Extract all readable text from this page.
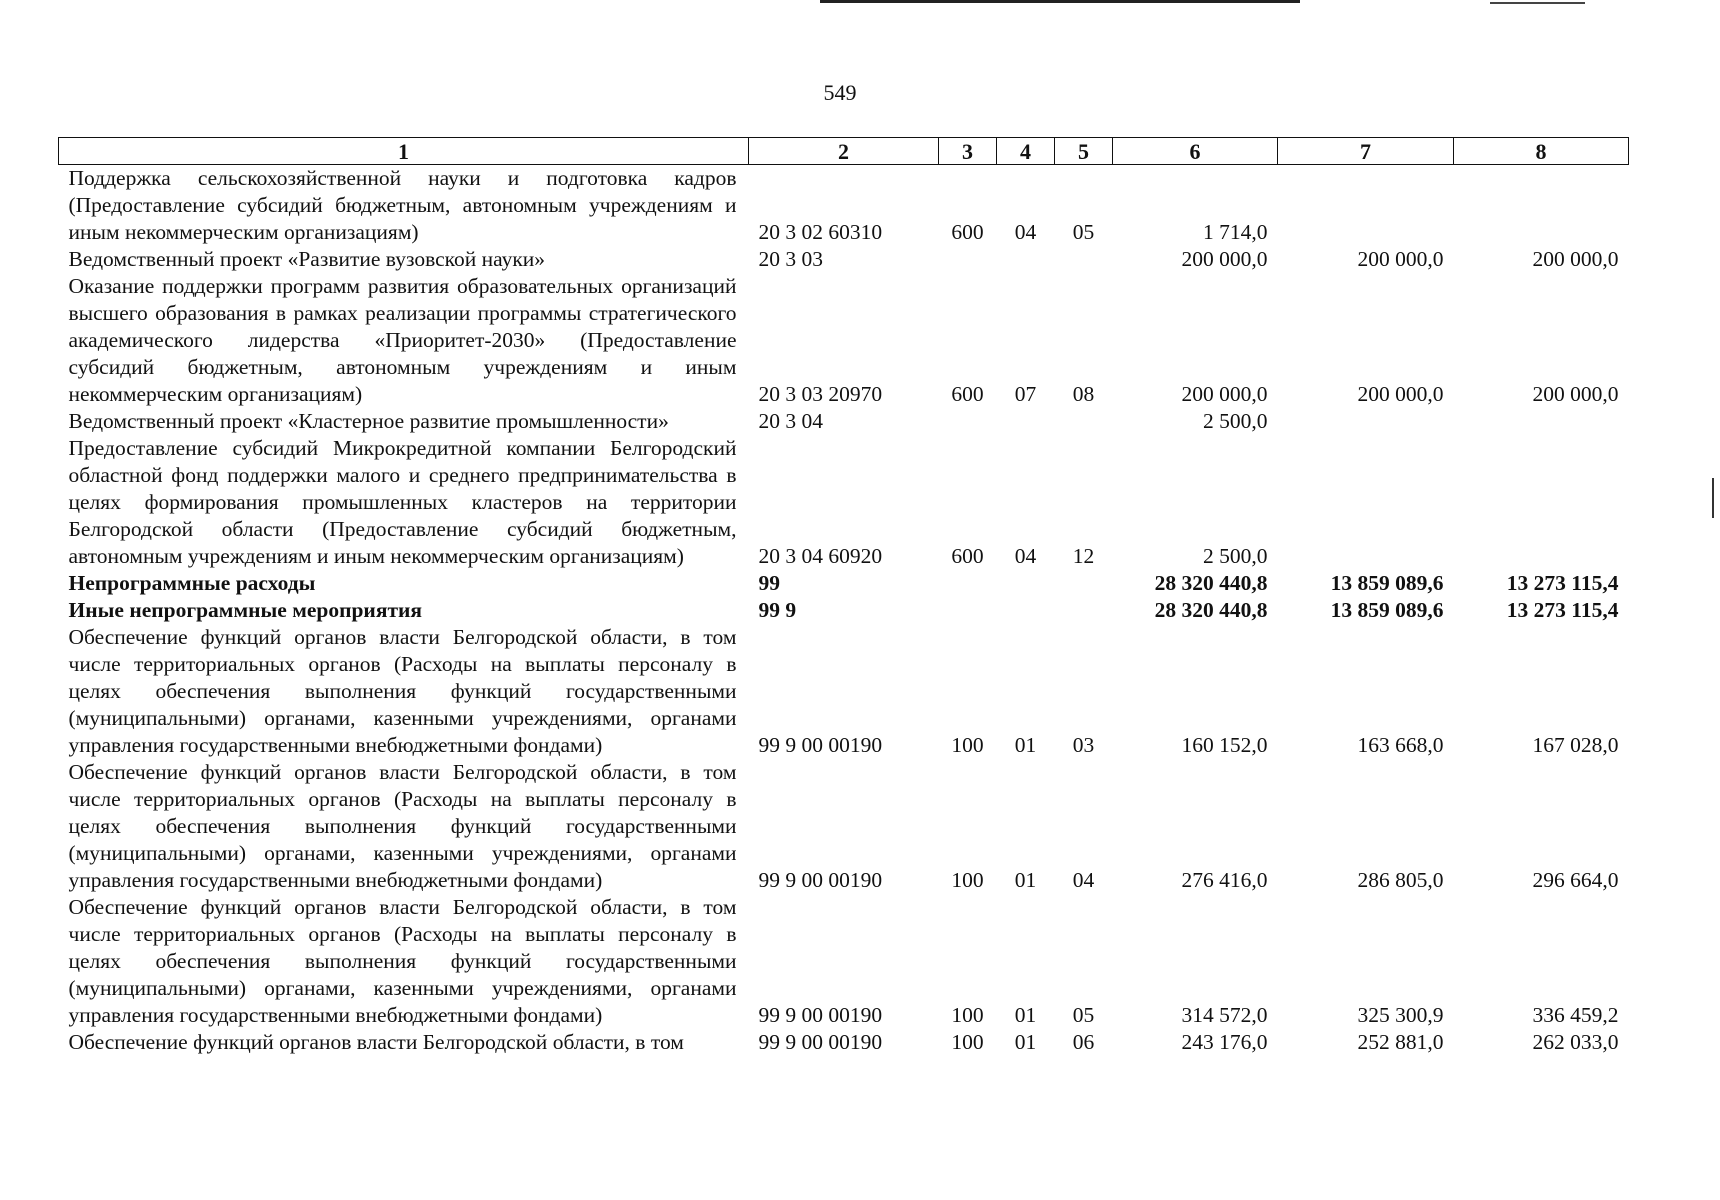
549
1	2	3	4	5	6	7	8
Поддержка сельскохозяйственной науки и подготовка кадров (Предоставление субсидий бюджетным, автономным учреждениям и иным некоммерческим организациям)	20 3 02 60310	600	04	05	1 714,0		
Ведомственный проект «Развитие вузовской науки»	20 3 03				200 000,0	200 000,0	200 000,0
Оказание поддержки программ развития образовательных организаций высшего образования в рамках реализации программы стратегического академического лидерства «Приоритет-2030» (Предоставление субсидий бюджетным, автономным учреждениям и иным некоммерческим организациям)	20 3 03 20970	600	07	08	200 000,0	200 000,0	200 000,0
Ведомственный проект «Кластерное развитие промышленности»	20 3 04				2 500,0		
Предоставление субсидий Микрокредитной компании Белгородский областной фонд поддержки малого и среднего предпринимательства в целях формирования промышленных кластеров на территории Белгородской области (Предоставление субсидий бюджетным, автономным учреждениям и иным некоммерческим организациям)	20 3 04 60920	600	04	12	2 500,0		
Непрограммные расходы	99				28 320 440,8	13 859 089,6	13 273 115,4
Иные непрограммные мероприятия	99 9				28 320 440,8	13 859 089,6	13 273 115,4
Обеспечение функций органов власти Белгородской области, в том числе территориальных органов (Расходы на выплаты персоналу в целях обеспечения выполнения функций государственными (муниципальными) органами, казенными учреждениями, органами управления государственными внебюджетными фондами)	99 9 00 00190	100	01	03	160 152,0	163 668,0	167 028,0
Обеспечение функций органов власти Белгородской области, в том числе территориальных органов (Расходы на выплаты персоналу в целях обеспечения выполнения функций государственными (муниципальными) органами, казенными учреждениями, органами управления государственными внебюджетными фондами)	99 9 00 00190	100	01	04	276 416,0	286 805,0	296 664,0
Обеспечение функций органов власти Белгородской области, в том числе территориальных органов (Расходы на выплаты персоналу в целях обеспечения выполнения функций государственными (муниципальными) органами, казенными учреждениями, органами управления государственными внебюджетными фондами)	99 9 00 00190	100	01	05	314 572,0	325 300,9	336 459,2
Обеспечение функций органов власти Белгородской области, в том	99 9 00 00190	100	01	06	243 176,0	252 881,0	262 033,0
